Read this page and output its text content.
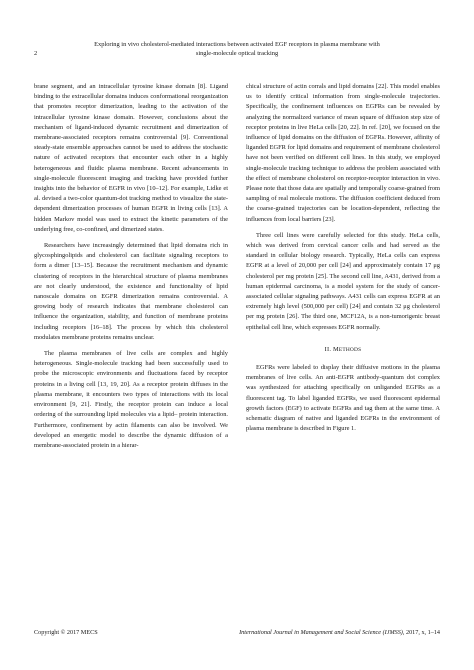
Exploring in vivo cholesterol-mediated interactions between activated EGF receptors in plasma membrane with
single-molecule optical tracking
2

brane segment, and an intracellular tyrosine kinase domain [8]. Ligand binding to the extracellular domains induces conformational reorganization that promotes receptor dimerization, leading to the activation of the intracellular tyrosine kinase domain. However, conclusions about the mechanism of ligand-induced dynamic recruitment and dimerization of membrane-associated receptors remains controversial [9]. Conventional steady-state ensemble approaches cannot be used to address the stochastic nature of activated receptors that encounter each other in a highly heterogeneous and fluidic plasma membrane. Recent advancements in single-molecule fluorescent imaging and tracking have provided further insights into the behavior of EGFR in vivo [10–12]. For example, Lidke et al. devised a two-color quantum-dot tracking method to visualize the state-dependent dimerization processes of human EGFR in living cells [13]. A hidden Markov model was used to extract the kinetic parameters of the underlying free, co-confined, and dimerized states.

Researchers have increasingly determined that lipid domains rich in glycosphingolipids and cholesterol can facilitate signaling receptors to form a dimer [13–15]. Because the recruitment mechanism and dynamic clustering of receptors in the hierarchical structure of plasma membranes are not clearly understood, the existence and functionality of lipid nanoscale domains on EGFR dimerization remains controversial. A growing body of research indicates that membrane cholesterol can influence the organization, stability, and function of membrane proteins including receptors [16–18]. The process by which this cholesterol modulates membrane proteins remains unclear.

The plasma membranes of live cells are complex and highly heterogeneous. Single-molecule tracking had been successfully used to probe the microscopic environments and fluctuations faced by receptor proteins in a living cell [13, 19, 20]. As a receptor protein diffuses in the plasma membrane, it encounters two types of interactions with its local environment [9, 21]. Firstly, the receptor protein can induce a local ordering of the surrounding lipid molecules via a lipid– protein interaction. Furthermore, confinement by actin filaments can also be involved. We developed an energetic model to describe the dynamic diffusion of a membrane-associated protein in a hierar-

chical structure of actin corrals and lipid domains [22]. This model enables us to identify critical information from single-molecule trajectories. Specifically, the confinement influences on EGFRs can be revealed by analyzing the normalized variance of mean square of diffusion step size of receptor proteins in live HeLa cells [20, 22]. In ref. [20], we focused on the influence of lipid domains on the diffusion of EGFRs. However, affinity of liganded EGFR for lipid domains and requirement of membrane cholesterol have not been verified on different cell lines. In this study, we employed single-molecule tracking technique to address the problem associated with the effect of membrane cholesterol on receptor-receptor interaction in vivo. Please note that those data are spatially and temporally coarse-grained from sampling of real molecule motions. The diffusion coefficient deduced from the coarse-grained trajectories can be location-dependent, reflecting the influences from local barriers [23].

Three cell lines were carefully selected for this study. HeLa cells, which was derived from cervical cancer cells and had served as the standard in cellular biology research. Typically, HeLa cells can express EGFR at a level of 20,000 per cell [24] and approximately contain 17 μg cholesterol per mg protein [25]. The second cell line, A431, derived from a human epidermal carcinoma, is a model system for the study of cancer-associated cellular signaling pathways. A431 cells can express EGFR at an extremely high level (500,000 per cell) [24] and contain 32 μg cholesterol per mg protein [26]. The third one, MCF12A, is a non-tumorigenic breast epithelial cell line, which expresses EGFR normally.

II. METHODS

EGFRs were labeled to display their diffusive motions in the plasma membranes of live cells. An anti-EGFR antibody-quantum dot complex was synthesized for attaching specifically on unliganded EGFRs as a fluorescent tag. To label liganded EGFRs, we used fluorescent epidermal growth factors (EGF) to activate EGFRs and tag them at the same time. A schematic diagram of native and liganded EGFRs in the environment of plasma membrane is described in Figure 1.

Copyright © 2017 MECS	International Journal in Management and Social Science (IJMSS), 2017, x, 1–14
